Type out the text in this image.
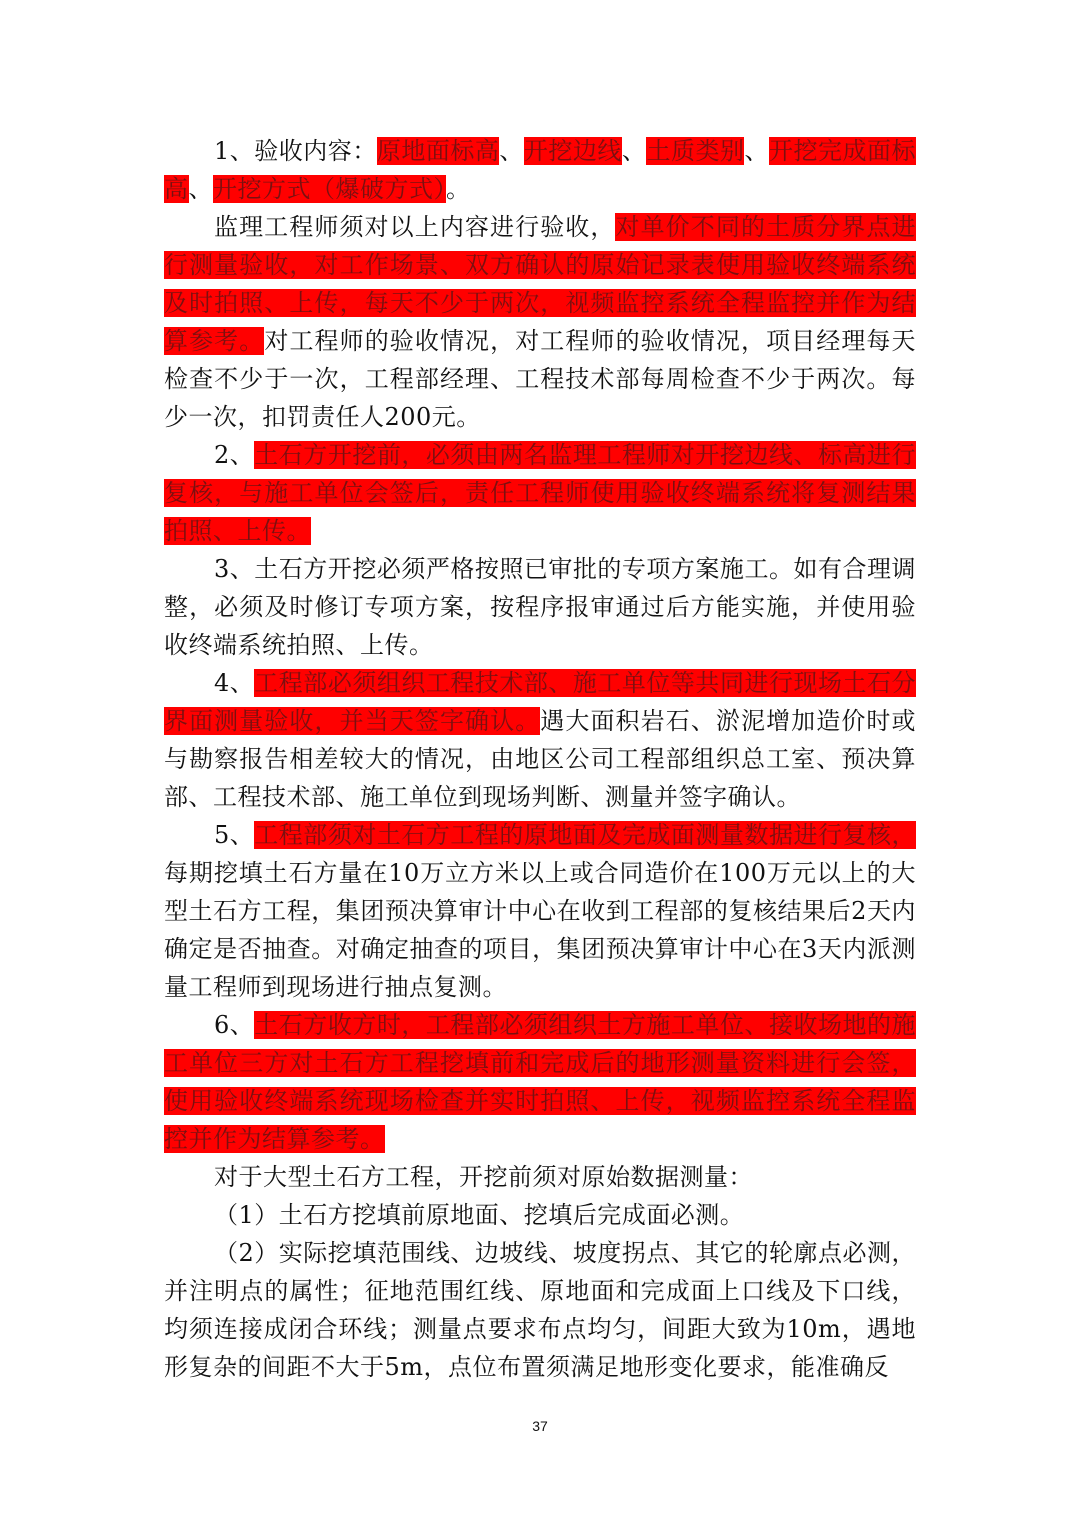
1、验收内容：原地面标高、开挖边线、土质类别、开挖完成面标高、开挖方式（爆破方式）。

监理工程师须对以上内容进行验收，对单价不同的土质分界点进行测量验收，对工作场景、双方确认的原始记录表使用验收终端系统及时拍照、上传，每天不少于两次，视频监控系统全程监控并作为结算参考。对工程师的验收情况，对工程师的验收情况，项目经理每天检查不少于一次，工程部经理、工程技术部每周检查不少于两次。每少一次，扣罚责任人200元。

2、土石方开挖前，必须由两名监理工程师对开挖边线、标高进行复核，与施工单位会签后，责任工程师使用验收终端系统将复测结果拍照、上传。

3、土石方开挖必须严格按照已审批的专项方案施工。如有合理调整，必须及时修订专项方案，按程序报审通过后方能实施，并使用验收终端系统拍照、上传。

4、工程部必须组织工程技术部、施工单位等共同进行现场土石分界面测量验收，并当天签字确认。遇大面积岩石、淤泥增加造价时或与勘察报告相差较大的情况，由地区公司工程部组织总工室、预决算部、工程技术部、施工单位到现场判断、测量并签字确认。

5、工程部须对土石方工程的原地面及完成面测量数据进行复核，每期挖填土石方量在10万立方米以上或合同造价在100万元以上的大型土石方工程，集团预决算审计中心在收到工程部的复核结果后2天内确定是否抽查。对确定抽查的项目，集团预决算审计中心在3天内派测量工程师到现场进行抽点复测。

6、土石方收方时，工程部必须组织土方施工单位、接收场地的施工单位三方对土石方工程挖填前和完成后的地形测量资料进行会签，使用验收终端系统现场检查并实时拍照、上传，视频监控系统全程监控并作为结算参考。

对于大型土石方工程，开挖前须对原始数据测量：

（1）土石方挖填前原地面、挖填后完成面必测。

（2）实际挖填范围线、边坡线、坡度拐点、其它的轮廓点必测，并注明点的属性；征地范围红线、原地面和完成面上口线及下口线，均须连接成闭合环线；测量点要求布点均匀，间距大致为10m，遇地形复杂的间距不大于5m，点位布置须满足地形变化要求，能准确反

37
